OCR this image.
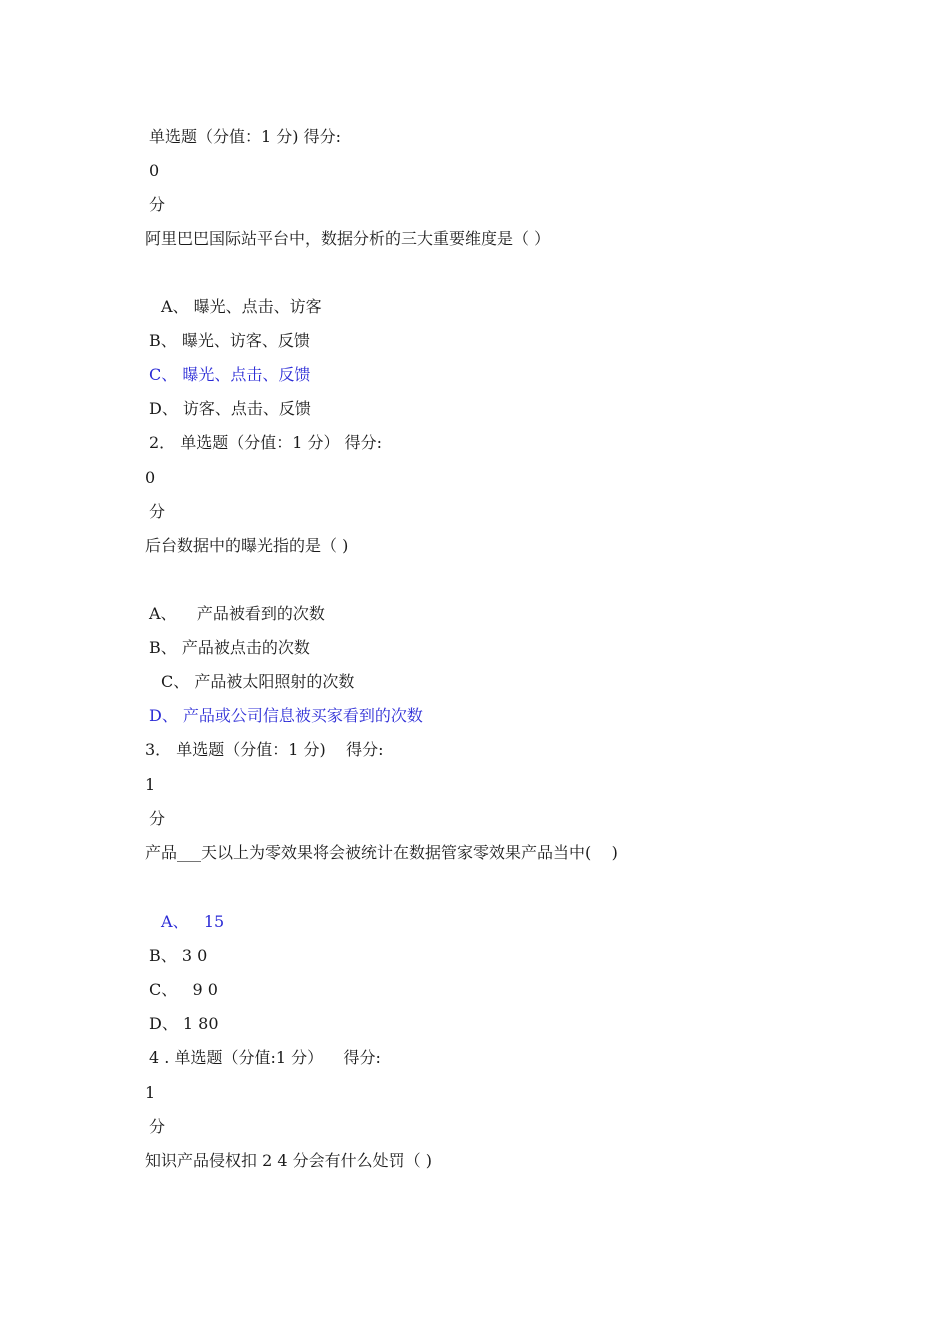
单选题（分值：1 分) 得分:
0
分
阿里巴巴国际站平台中，数据分析的三大重要维度是（ ）
A、 曝光、点击、访客
B、 曝光、访客、反馈
C、 曝光、点击、反馈
D、 访客、点击、反馈
2． 单选题（分值：1 分） 得分:
0
分
后台数据中的曝光指的是（ )
A、    产品被看到的次数
B、 产品被点击的次数
C、 产品被太阳照射的次数
D、 产品或公司信息被买家看到的次数
3． 单选题（分值：1 分)    得分:
1
分
产品___天以上为零效果将会被统计在数据管家零效果产品当中(    )
A、   15
B、 3 0
C、   9 0
D、 1 80
4 . 单选题（分值:1 分）    得分:
1
分
知识产品侵权扣 2 4 分会有什么处罚（ )
